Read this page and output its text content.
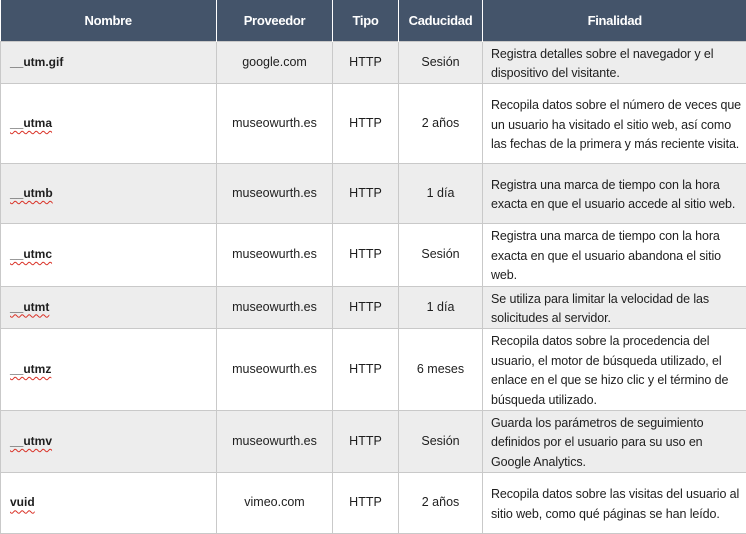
Nombre	Proveedor	Tipo	Caducidad	Finalidad
__utm.gif	google.com	HTTP	Sesión	Registra detalles sobre el navegador y el dispositivo del visitante.

__utma	museowurth.es	HTTP	2 años	Recopila datos sobre el número de veces que un usuario ha visitado el sitio web, así como las fechas de la primera y más reciente visita.

__utmb	museowurth.es	HTTP	1 día	Registra una marca de tiempo con la hora exacta en que el usuario accede al sitio web.

__utmc	museowurth.es	HTTP	Sesión	Registra una marca de tiempo con la hora exacta en que el usuario abandona el sitio web.

__utmt	museowurth.es	HTTP	1 día	Se utiliza para limitar la velocidad de las solicitudes al servidor.

__utmz	museowurth.es	HTTP	6 meses	Recopila datos sobre la procedencia del usuario, el motor de búsqueda utilizado, el enlace en el que se hizo clic y el término de búsqueda utilizado.

__utmv	museowurth.es	HTTP	Sesión	Guarda los parámetros de seguimiento definidos por el usuario para su uso en Google Analytics.

vuid	vimeo.com	HTTP	2 años	Recopila datos sobre las visitas del usuario al sitio web, como qué páginas se han leído.
